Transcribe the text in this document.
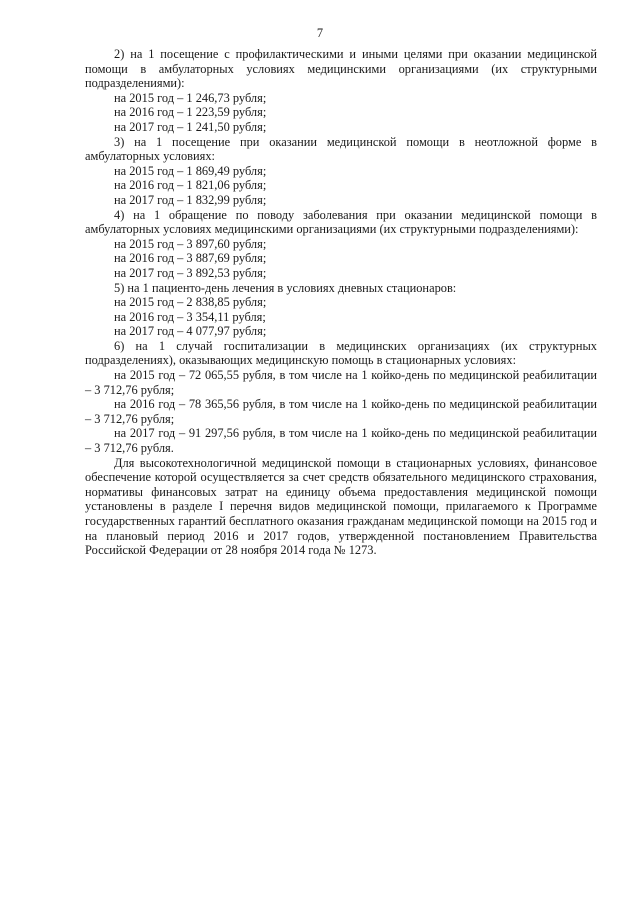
7

2) на 1 посещение с профилактическими и иными целями при оказании медицинской помощи в амбулаторных условиях медицинскими организациями (их структурными подразделениями):

на 2015 год – 1 246,73 рубля;

на 2016 год – 1 223,59 рубля;

на 2017 год – 1 241,50 рубля;

3) на 1 посещение при оказании медицинской помощи в неотложной форме в амбулаторных условиях:

на 2015 год – 1 869,49 рубля;

на 2016 год – 1 821,06 рубля;

на 2017 год – 1 832,99 рубля;

4) на 1 обращение по поводу заболевания при оказании медицинской помощи в амбулаторных условиях медицинскими организациями (их структурными подразделениями):

на 2015 год – 3 897,60 рубля;

на 2016 год – 3 887,69 рубля;

на 2017 год – 3 892,53 рубля;

5) на 1 пациенто-день лечения в условиях дневных стационаров:

на 2015 год – 2 838,85 рубля;

на 2016 год – 3 354,11 рубля;

на 2017 год – 4 077,97 рубля;

6) на 1 случай госпитализации в медицинских организациях (их структурных подразделениях), оказывающих медицинскую помощь в стационарных условиях:

на 2015 год – 72 065,55 рубля, в том числе на 1 койко-день по медицинской реабилитации – 3 712,76 рубля;

на 2016 год – 78 365,56 рубля, в том числе на 1 койко-день по медицинской реабилитации – 3 712,76 рубля;

на 2017 год – 91 297,56 рубля, в том числе на 1 койко-день по медицинской реабилитации – 3 712,76 рубля.

Для высокотехнологичной медицинской помощи в стационарных условиях, финансовое обеспечение которой осуществляется за счет средств обязательного медицинского страхования, нормативы финансовых затрат на единицу объема предоставления медицинской помощи установлены в разделе I перечня видов медицинской помощи, прилагаемого к Программе государственных гарантий бесплатного оказания гражданам медицинской помощи на 2015 год и на плановый период 2016 и 2017 годов, утвержденной постановлением Правительства Российской Федерации от 28 ноября 2014 года № 1273.
